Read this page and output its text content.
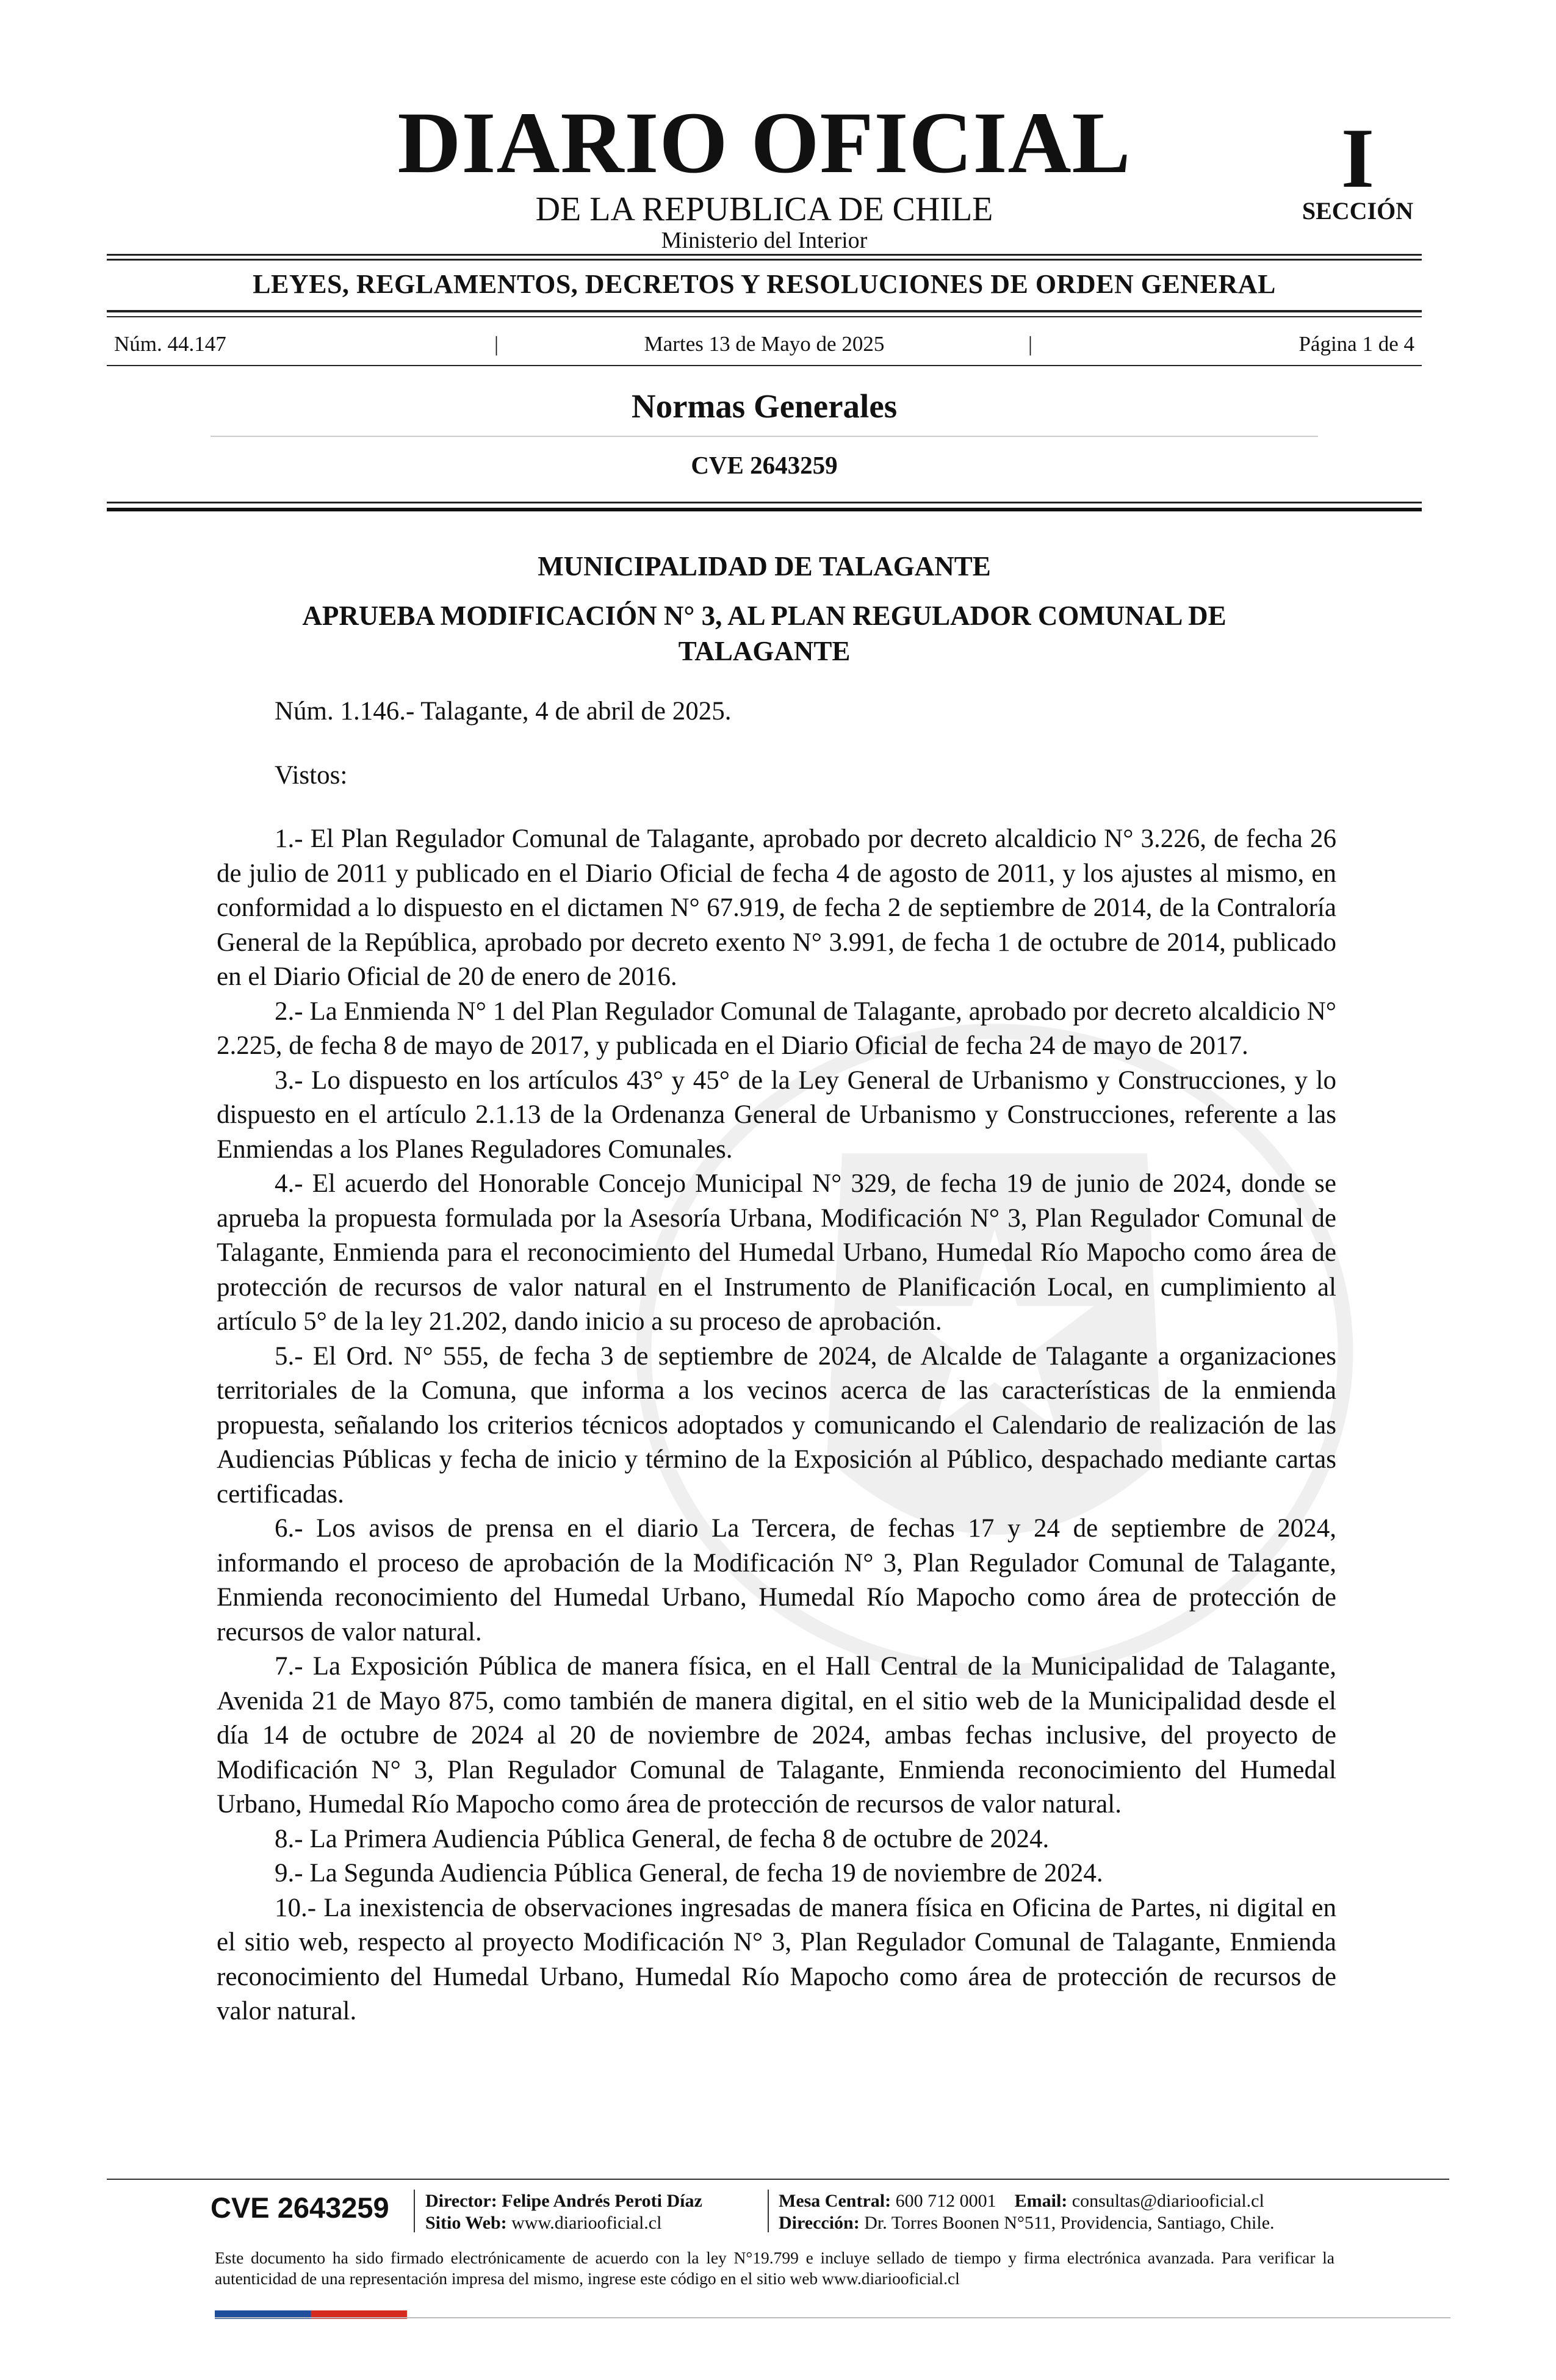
DIARIO OFICIAL
DE LA REPUBLICA DE CHILE
Ministerio del Interior
I
SECCIÓN
LEYES, REGLAMENTOS, DECRETOS Y RESOLUCIONES DE ORDEN GENERAL
Núm. 44.147	|	Martes 13 de Mayo de 2025	|	Página 1 de 4
Normas Generales
CVE 2643259
MUNICIPALIDAD DE TALAGANTE
APRUEBA MODIFICACIÓN N° 3, AL PLAN REGULADOR COMUNAL DE TALAGANTE

Núm. 1.146.- Talagante, 4 de abril de 2025.

Vistos:

1.- El Plan Regulador Comunal de Talagante, aprobado por decreto alcaldicio N° 3.226, de fecha 26 de julio de 2011 y publicado en el Diario Oficial de fecha 4 de agosto de 2011, y los ajustes al mismo, en conformidad a lo dispuesto en el dictamen N° 67.919, de fecha 2 de septiembre de 2014, de la Contraloría General de la República, aprobado por decreto exento N° 3.991, de fecha 1 de octubre de 2014, publicado en el Diario Oficial de 20 de enero de 2016.

2.- La Enmienda N° 1 del Plan Regulador Comunal de Talagante, aprobado por decreto alcaldicio N° 2.225, de fecha 8 de mayo de 2017, y publicada en el Diario Oficial de fecha 24 de mayo de 2017.

3.- Lo dispuesto en los artículos 43° y 45° de la Ley General de Urbanismo y Construcciones, y lo dispuesto en el artículo 2.1.13 de la Ordenanza General de Urbanismo y Construcciones, referente a las Enmiendas a los Planes Reguladores Comunales.

4.- El acuerdo del Honorable Concejo Municipal N° 329, de fecha 19 de junio de 2024, donde se aprueba la propuesta formulada por la Asesoría Urbana, Modificación N° 3, Plan Regulador Comunal de Talagante, Enmienda para el reconocimiento del Humedal Urbano, Humedal Río Mapocho como área de protección de recursos de valor natural en el Instrumento de Planificación Local, en cumplimiento al artículo 5° de la ley 21.202, dando inicio a su proceso de aprobación.

5.- El Ord. N° 555, de fecha 3 de septiembre de 2024, de Alcalde de Talagante a organizaciones territoriales de la Comuna, que informa a los vecinos acerca de las características de la enmienda propuesta, señalando los criterios técnicos adoptados y comunicando el Calendario de realización de las Audiencias Públicas y fecha de inicio y término de la Exposición al Público, despachado mediante cartas certificadas.

6.- Los avisos de prensa en el diario La Tercera, de fechas 17 y 24 de septiembre de 2024, informando el proceso de aprobación de la Modificación N° 3, Plan Regulador Comunal de Talagante, Enmienda reconocimiento del Humedal Urbano, Humedal Río Mapocho como área de protección de recursos de valor natural.

7.- La Exposición Pública de manera física, en el Hall Central de la Municipalidad de Talagante, Avenida 21 de Mayo 875, como también de manera digital, en el sitio web de la Municipalidad desde el día 14 de octubre de 2024 al 20 de noviembre de 2024, ambas fechas inclusive, del proyecto de Modificación N° 3, Plan Regulador Comunal de Talagante, Enmienda reconocimiento del Humedal Urbano, Humedal Río Mapocho como área de protección de recursos de valor natural.

8.- La Primera Audiencia Pública General, de fecha 8 de octubre de 2024.

9.- La Segunda Audiencia Pública General, de fecha 19 de noviembre de 2024.

10.- La inexistencia de observaciones ingresadas de manera física en Oficina de Partes, ni digital en el sitio web, respecto al proyecto Modificación N° 3, Plan Regulador Comunal de Talagante, Enmienda reconocimiento del Humedal Urbano, Humedal Río Mapocho como área de protección de recursos de valor natural.

CVE 2643259 Director: Felipe Andrés Peroti Díaz
Sitio Web: www.diariooficial.cl
Mesa Central: 600 712 0001 Email: consultas@diariooficial.cl
Dirección: Dr. Torres Boonen N°511, Providencia, Santiago, Chile.
Este documento ha sido firmado electrónicamente de acuerdo con la ley N°19.799 e incluye sellado de tiempo y firma electrónica avanzada. Para verificar la autenticidad de una representación impresa del mismo, ingrese este código en el sitio web www.diariooficial.cl
